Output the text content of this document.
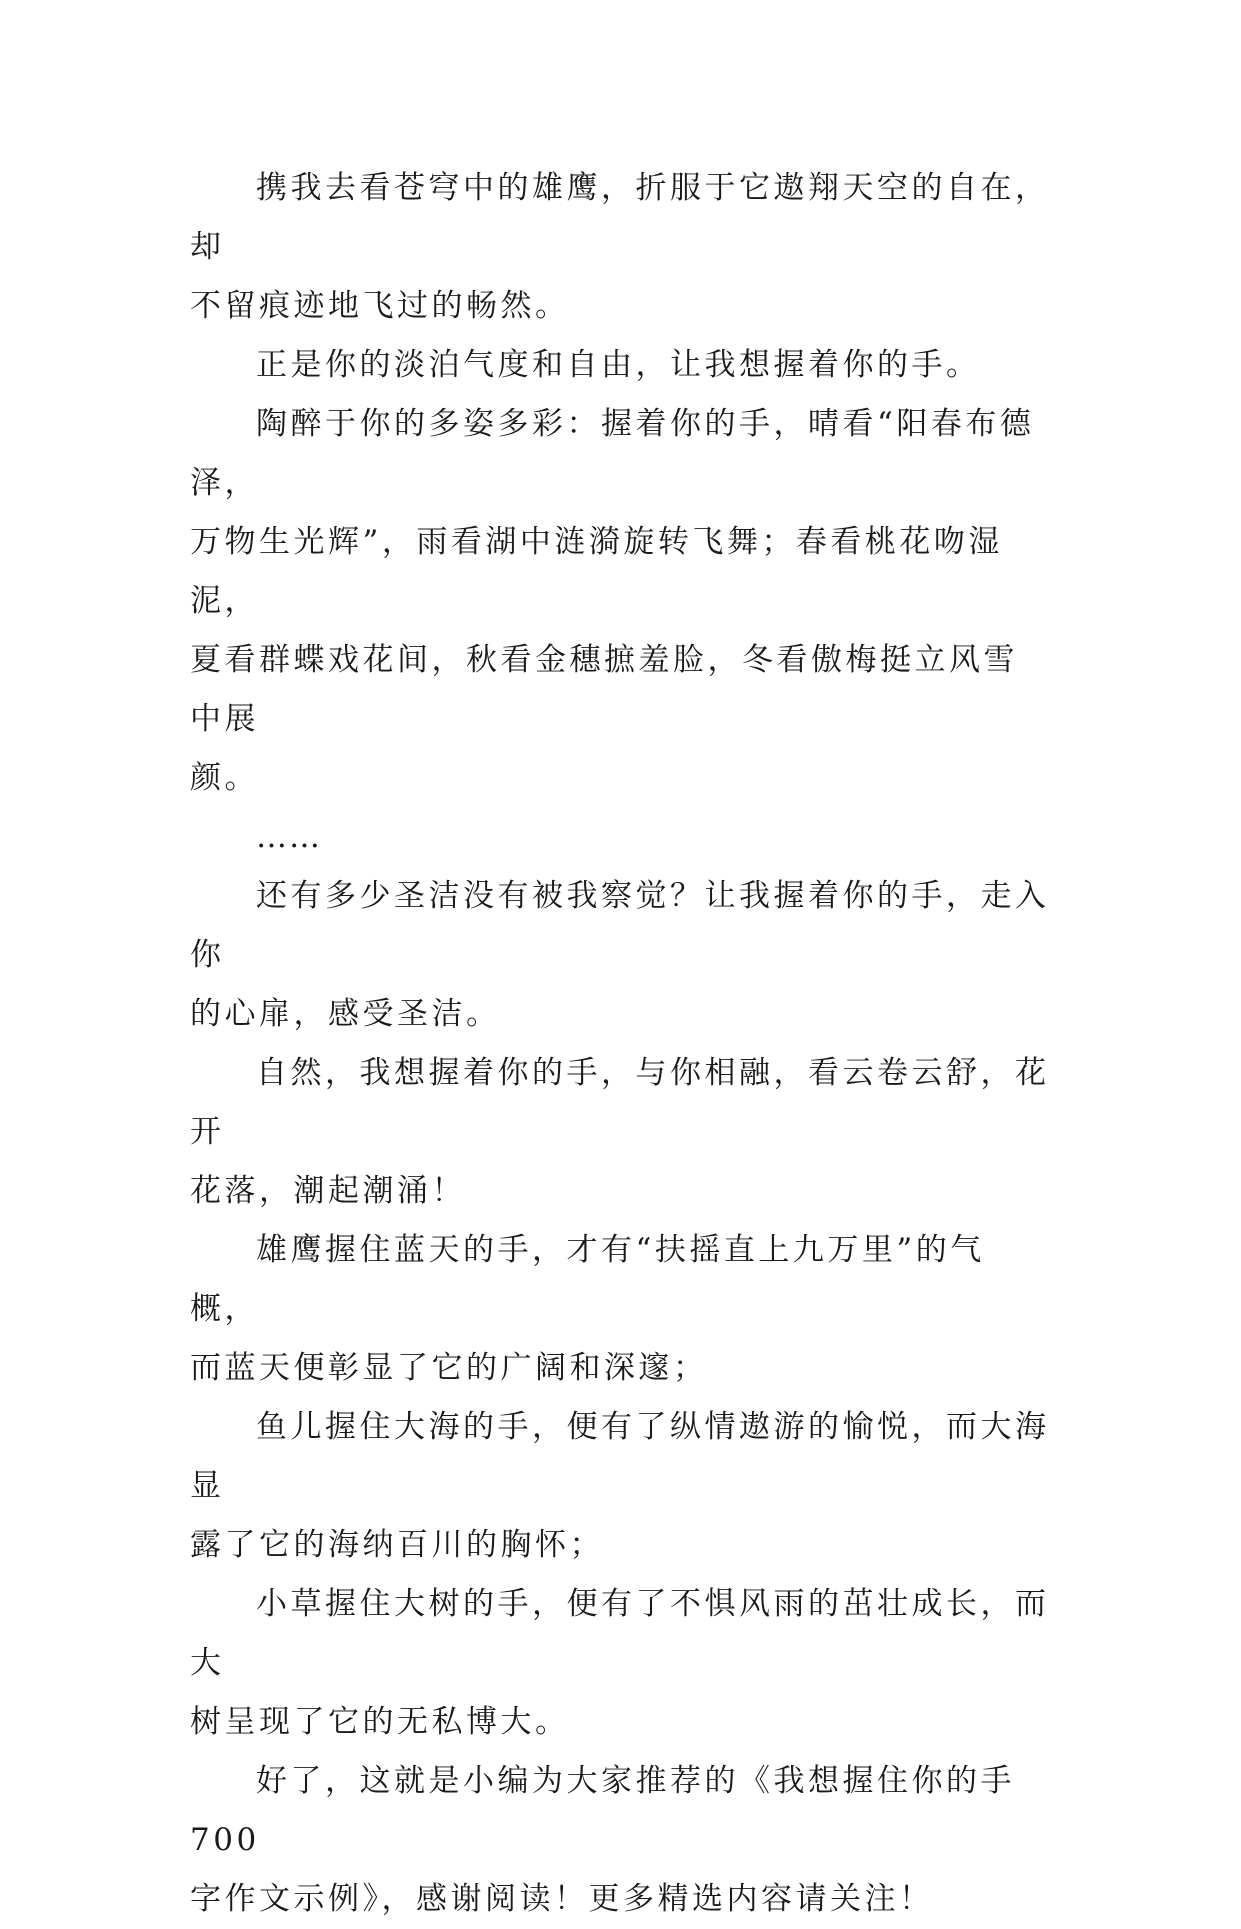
携我去看苍穹中的雄鹰，折服于它遨翔天空的自在，却
不留痕迹地飞过的畅然。

正是你的淡泊气度和自由，让我想握着你的手。

陶醉于你的多姿多彩：握着你的手，晴看“阳春布德泽，
万物生光辉”，雨看湖中涟漪旋转飞舞；春看桃花吻湿泥，
夏看群蝶戏花间，秋看金穗摭羞脸，冬看傲梅挺立风雪中展
颜。

……

还有多少圣洁没有被我察觉？让我握着你的手，走入你
的心扉，感受圣洁。

自然，我想握着你的手，与你相融，看云卷云舒，花开
花落，潮起潮涌！

雄鹰握住蓝天的手，才有“扶摇直上九万里”的气概，
而蓝天便彰显了它的广阔和深邃；

鱼儿握住大海的手，便有了纵情遨游的愉悦，而大海显
露了它的海纳百川的胸怀；

小草握住大树的手，便有了不惧风雨的茁壮成长，而大
树呈现了它的无私博大。

好了，这就是小编为大家推荐的《我想握住你的手 700
字作文示例》，感谢阅读！更多精选内容请关注！
